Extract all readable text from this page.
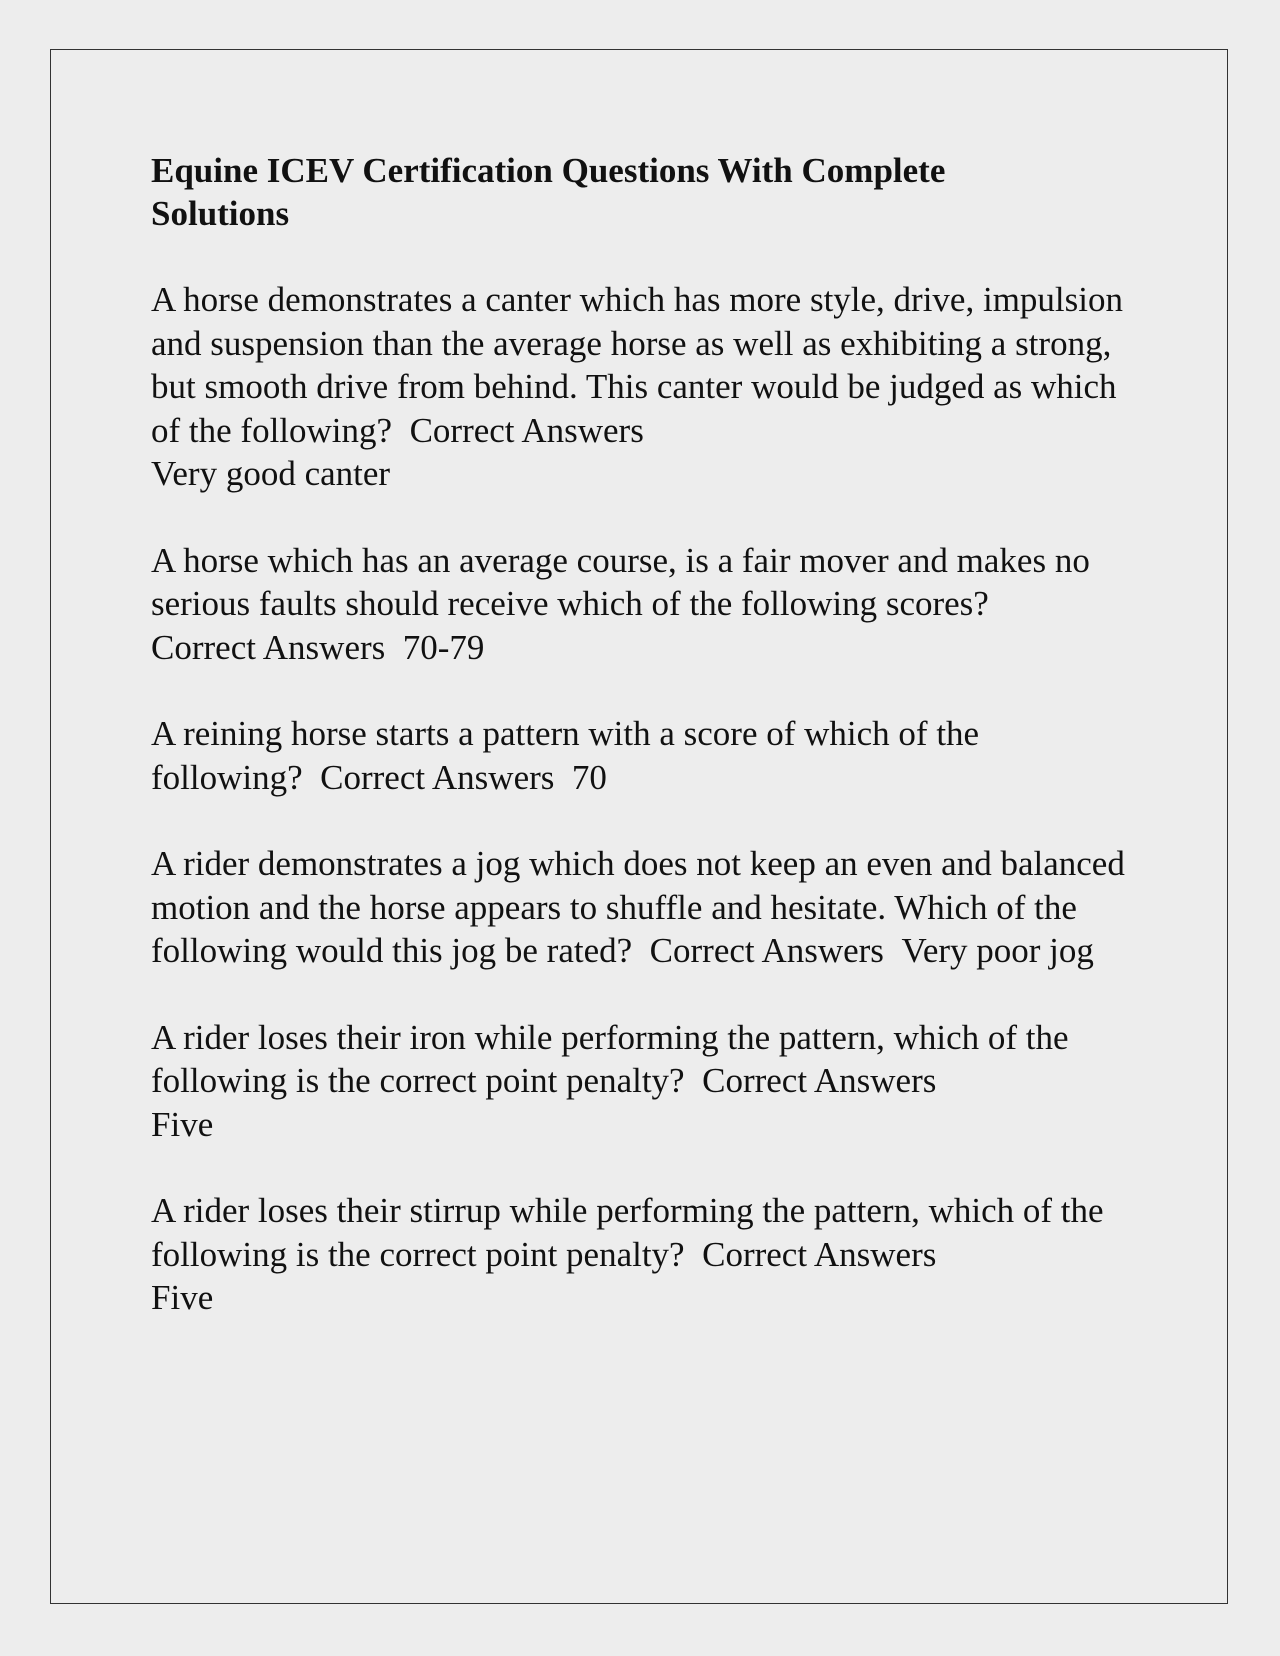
Equine ICEV Certification Questions With Complete
Solutions

A horse demonstrates a canter which has more style, drive, impulsion and suspension than the average horse as well as exhibiting a strong, but smooth drive from behind. This canter would be judged as which of the following? Correct Answers
Very good canter

A horse which has an average course, is a fair mover and makes no serious faults should receive which of the following scores?
Correct Answers 70-79

A reining horse starts a pattern with a score of which of the following? Correct Answers 70

A rider demonstrates a jog which does not keep an even and balanced motion and the horse appears to shuffle and hesitate. Which of the following would this jog be rated? Correct Answers Very poor jog

A rider loses their iron while performing the pattern, which of the following is the correct point penalty? Correct Answers
Five

A rider loses their stirrup while performing the pattern, which of the following is the correct point penalty? Correct Answers
Five
